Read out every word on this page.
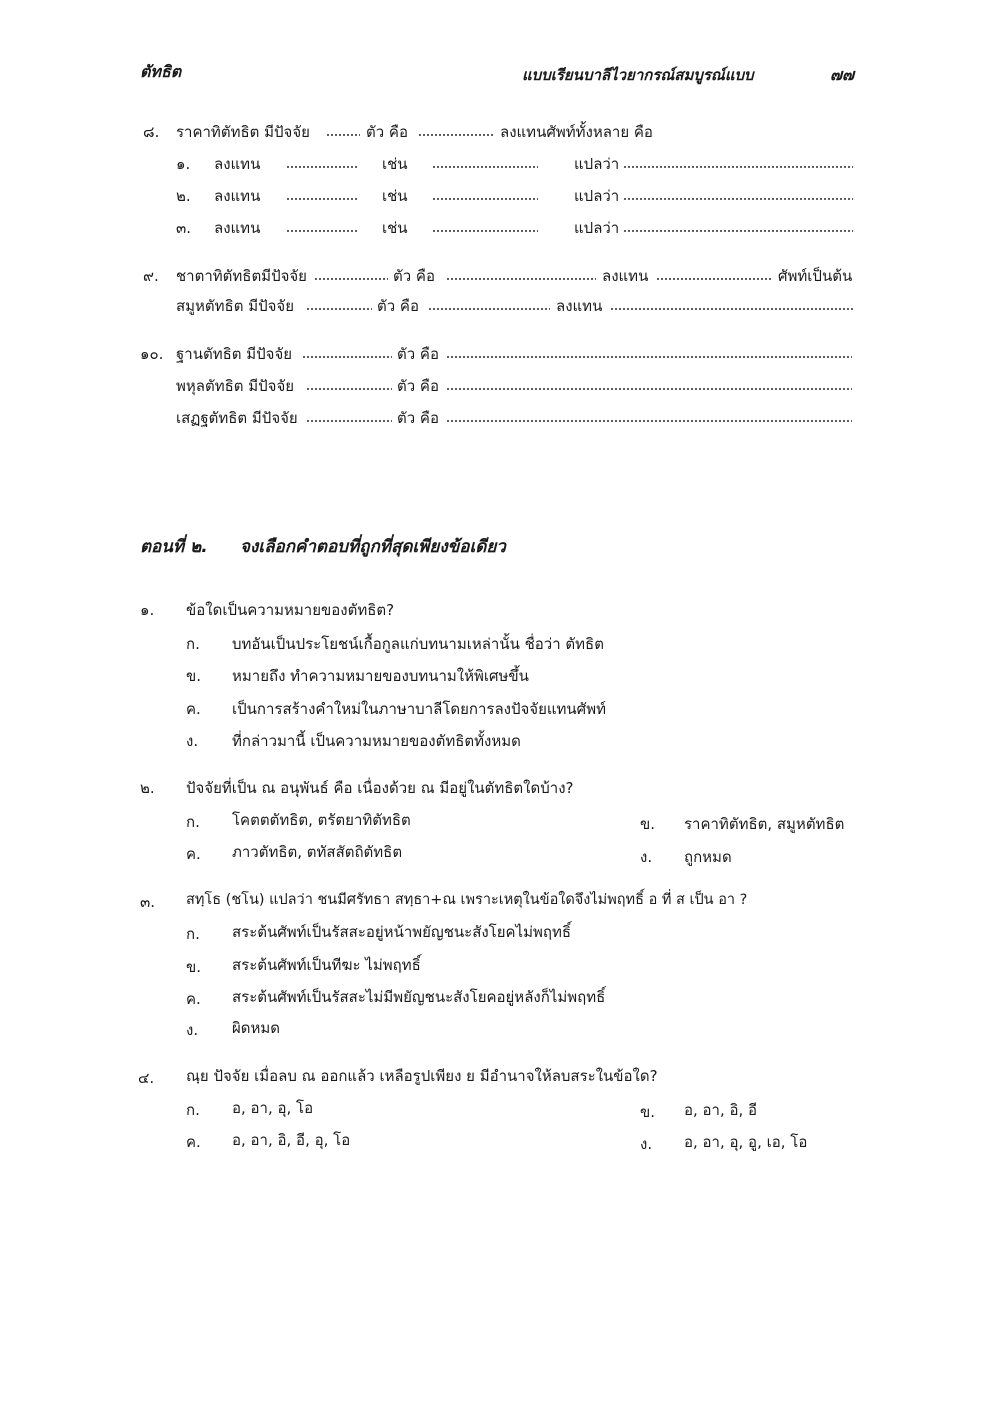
ตัทธิต	แบบเรียนบาลีไวยากรณ์สมบูรณ์แบบ	๗๗
๘. ราคาทิตัทธิต มีปัจจัย	ตัว คือ	ลงแทนศัพท์ทั้งหลาย คือ
๑. ลงแทน	เช่น	แปลว่า
๒. ลงแทน	เช่น	แปลว่า
๓. ลงแทน	เช่น	แปลว่า
๙. ชาตาทิตัทธิตมีปัจจัย	ตัว คือ	ลงแทน	ศัพท์เป็นต้น
สมูหตัทธิต มีปัจจัย	ตัว คือ	ลงแทน
๑๐. ฐานตัทธิต มีปัจจัย	ตัว คือ
พหุลตัทธิต มีปัจจัย	ตัว คือ
เสฏฐตัทธิต มีปัจจัย	ตัว คือ
ตอนที่ ๒. จงเลือกคำตอบที่ถูกที่สุดเพียงข้อเดียว
๑. ข้อใดเป็นความหมายของตัทธิต?
ก. บทอันเป็นประโยชน์เกื้อกูลแก่บทนามเหล่านั้น ชื่อว่า ตัทธิต
ข. หมายถึง ทำความหมายของบทนามให้พิเศษขึ้น
ค. เป็นการสร้างคำใหม่ในภาษาบาลีโดยการลงปัจจัยแทนศัพท์
ง. ที่กล่าวมานี้ เป็นความหมายของตัทธิตทั้งหมด
๒. ปัจจัยที่เป็น ณ อนุพันธ์ คือ เนื่องด้วย ณ มีอยู่ในตัทธิตใดบ้าง?
ก. โคตตตัทธิต, ตรัตยาทิตัทธิต	ข. ราคาทิตัทธิต, สมูหตัทธิต
ค. ภาวตัทธิต, ตทัสสัตถิตัทธิต	ง. ถูกหมด
๓. สทฺโธ (ชโน) แปลว่า ชนมีศรัทธา สทฺธา+ณ เพราะเหตุในข้อใดจึงไม่พฤทธิ์ อ ที่ ส เป็น อา ?
ก. สระต้นศัพท์เป็นรัสสะอยู่หน้าพยัญชนะสังโยคไม่พฤทธิ์
ข. สระต้นศัพท์เป็นทีฆะ ไม่พฤทธิ์
ค. สระต้นศัพท์เป็นรัสสะไม่มีพยัญชนะสังโยคอยู่หลังก็ไม่พฤทธิ์
ง. ผิดหมด
๔. ณฺย ปัจจัย เมื่อลบ ณ ออกแล้ว เหลือรูปเพียง ย มีอำนาจให้ลบสระในข้อใด?
ก. อ, อา, อุ, โอ	ข. อ, อา, อิ, อี
ค. อ, อา, อิ, อี, อุ, โอ	ง. อ, อา, อุ, อู, เอ, โอ
